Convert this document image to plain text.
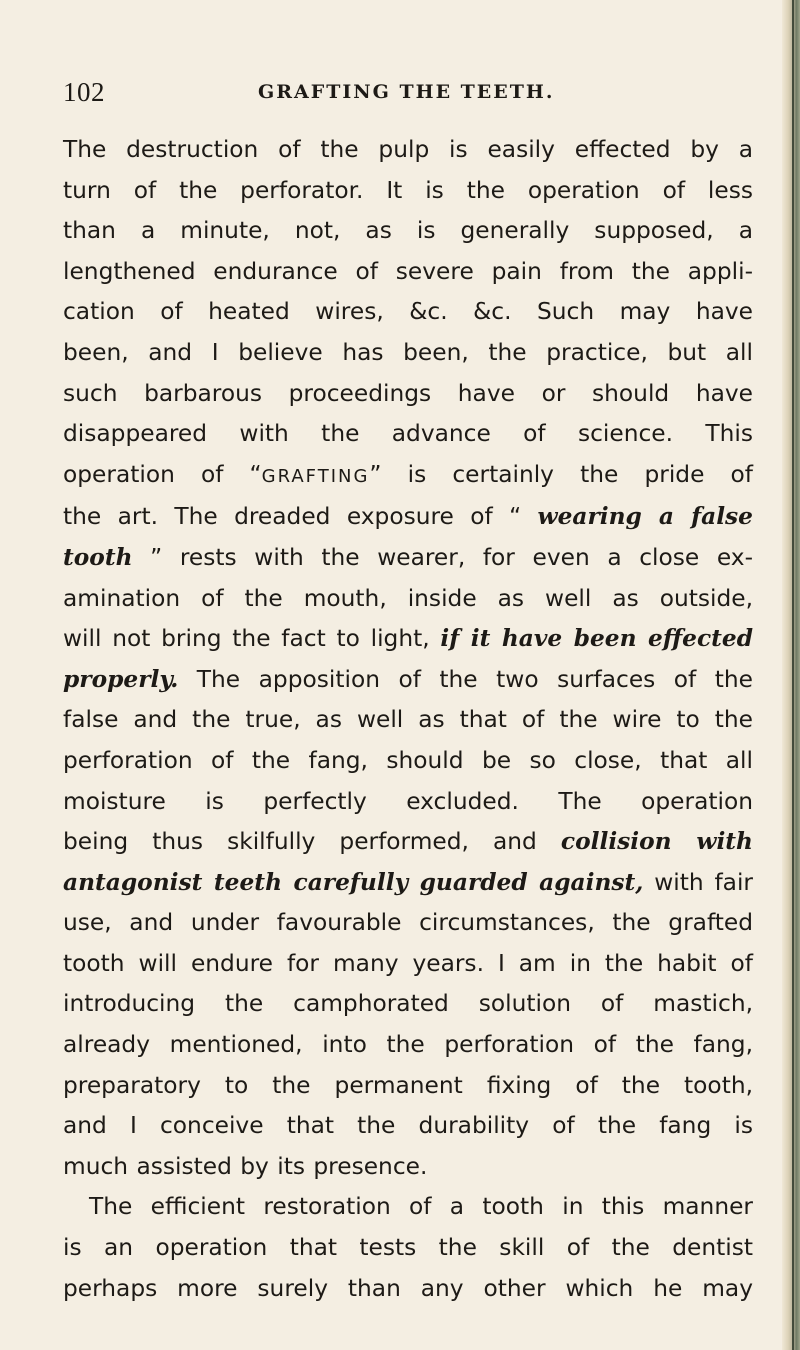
102	GRAFTING THE TEETH.
The destruction of the pulp is easily effected by a
turn of the perforator. It is the operation of less
than a minute, not, as is generally supposed, a
lengthened endurance of severe pain from the appli-
cation of heated wires, &c. &c. Such may have
been, and I believe has been, the practice, but all
such barbarous proceedings have or should have
disappeared with the advance of science. This
operation of “GRAFTING” is certainly the pride of
the art. The dreaded exposure of “ wearing a false
tooth ” rests with the wearer, for even a close ex-
amination of the mouth, inside as well as outside,
will not bring the fact to light, if it have been effected
properly. The apposition of the two surfaces of the
false and the true, as well as that of the wire to the
perforation of the fang, should be so close, that all
moisture is perfectly excluded. The operation
being thus skilfully performed, and collision with
antagonist teeth carefully guarded against, with fair
use, and under favourable circumstances, the grafted
tooth will endure for many years. I am in the habit of
introducing the camphorated solution of mastich,
already mentioned, into the perforation of the fang,
preparatory to the permanent fixing of the tooth,
and I conceive that the durability of the fang is
much assisted by its presence.
The efficient restoration of a tooth in this manner
is an operation that tests the skill of the dentist
perhaps more surely than any other which he may
